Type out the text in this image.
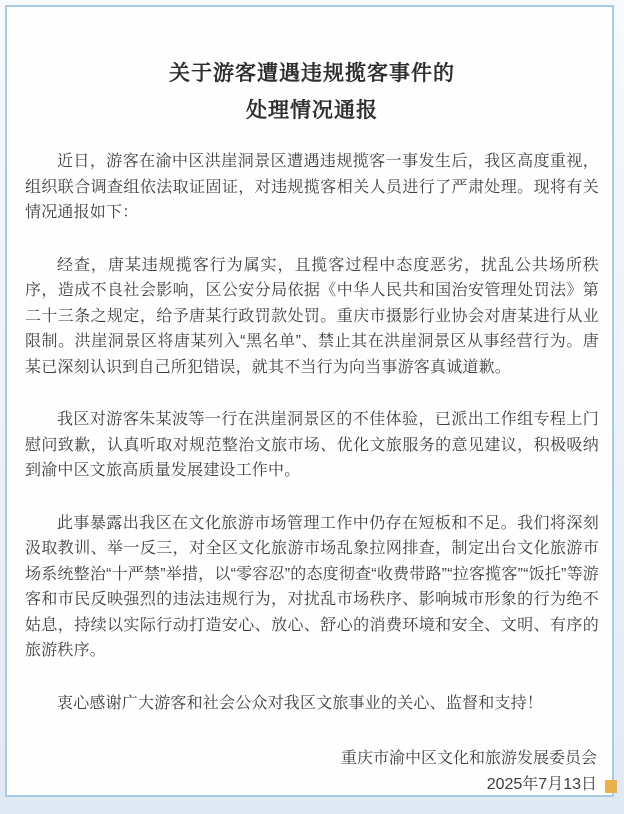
关于游客遭遇违规揽客事件的
处理情况通报

近日，游客在渝中区洪崖洞景区遭遇违规揽客一事发生后，我区高度重视，组织联合调查组依法取证固证，对违规揽客相关人员进行了严肃处理。现将有关情况通报如下：

经查，唐某违规揽客行为属实，且揽客过程中态度恶劣，扰乱公共场所秩序，造成不良社会影响，区公安分局依据《中华人民共和国治安管理处罚法》第二十三条之规定，给予唐某行政罚款处罚。重庆市摄影行业协会对唐某进行从业限制。洪崖洞景区将唐某列入“黑名单”、禁止其在洪崖洞景区从事经营行为。唐某已深刻认识到自己所犯错误，就其不当行为向当事游客真诚道歉。

我区对游客朱某波等一行在洪崖洞景区的不佳体验，已派出工作组专程上门慰问致歉，认真听取对规范整治文旅市场、优化文旅服务的意见建议，积极吸纳到渝中区文旅高质量发展建设工作中。

此事暴露出我区在文化旅游市场管理工作中仍存在短板和不足。我们将深刻汲取教训、举一反三，对全区文化旅游市场乱象拉网排查，制定出台文化旅游市场系统整治“十严禁”举措，以“零容忍”的态度彻查“收费带路”“拉客揽客”“饭托”等游客和市民反映强烈的违法违规行为，对扰乱市场秩序、影响城市形象的行为绝不姑息，持续以实际行动打造安心、放心、舒心的消费环境和安全、文明、有序的旅游秩序。

衷心感谢广大游客和社会公众对我区文旅事业的关心、监督和支持！

重庆市渝中区文化和旅游发展委员会
2025年7月13日
